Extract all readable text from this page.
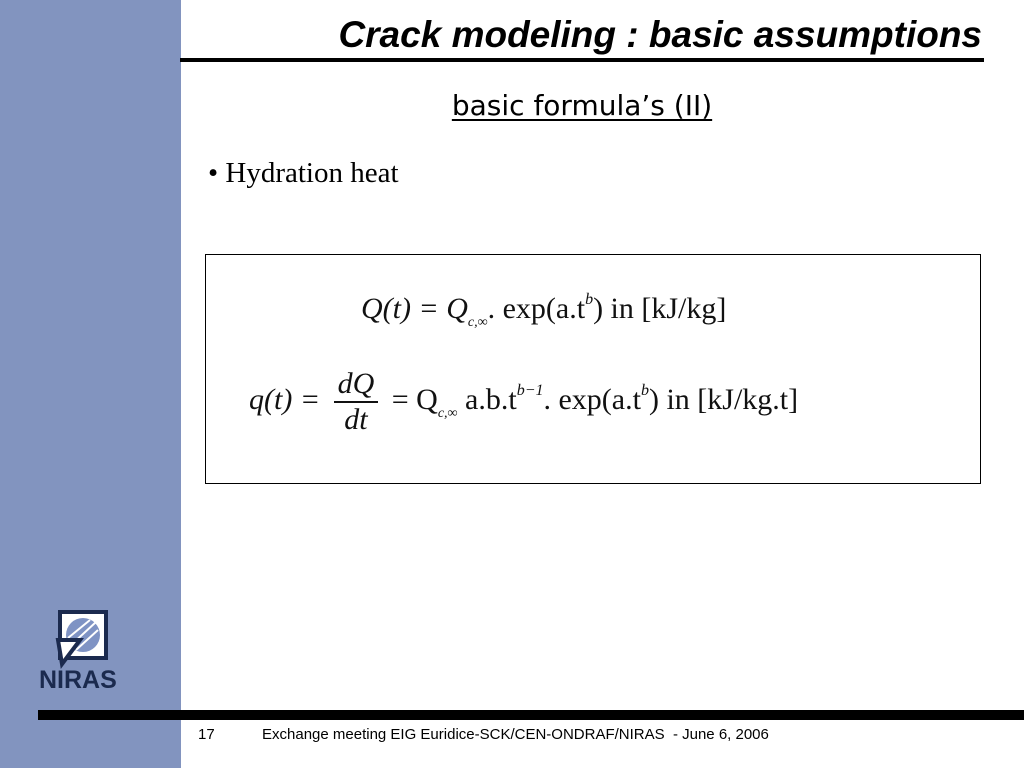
Crack modeling : basic assumptions
basic formula’s (II)
• Hydration heat
$Q(t) = Q_{c,\infty}$. $\exp(a.t^b)$ in [kJ/kg]
$q(t) = \frac{dQ}{dt} = Q_{c,\infty}$ $a.b.t^{b-1}$. $\exp(a.t^b)$ in [kJ/kg.t]
NIRAS
17	Exchange meeting EIG Euridice-SCK/CEN-ONDRAF/NIRAS  - June 6, 2006
